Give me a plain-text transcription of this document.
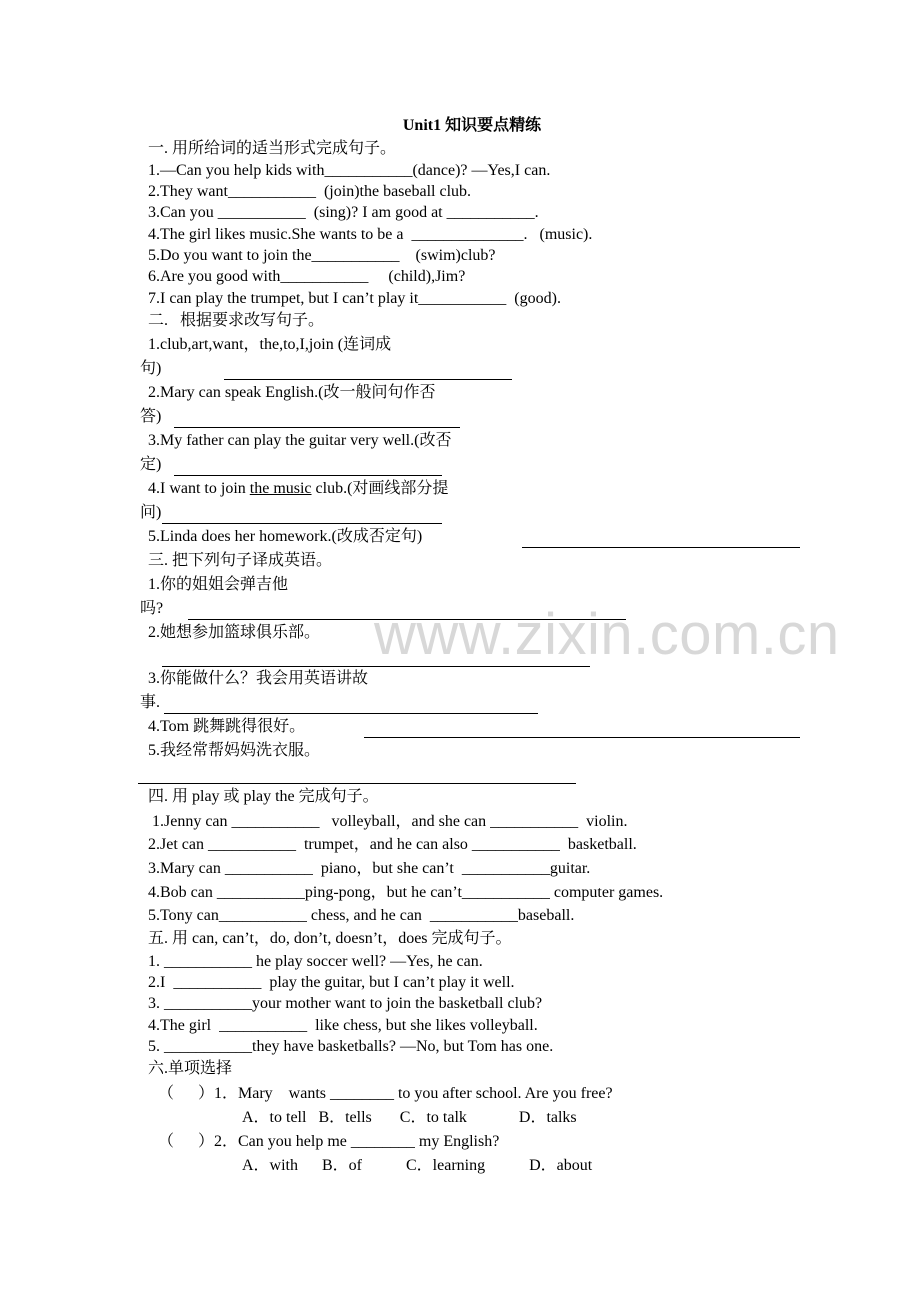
Unit1 知识要点精练
一. 用所给词的适当形式完成句子。
1.—Can you help kids with___________(dance)? —Yes,I can.
2.They want___________  (join)the baseball club.
3.Can you ___________  (sing)? I am good at ___________.
4.The girl likes music.She wants to be a  ______________.   (music).
5.Do you want to join the___________    (swim)club?
6.Are you good with___________     (child),Jim?
7.I can play the trumpet, but I can’t play it___________  (good).
二.   根据要求改写句子。
1.club,art,want，the,to,I,join (连词成
句)
2.Mary can speak English.(改一般问句作否
答)
3.My father can play the guitar very well.(改否
定)
问)
5.Linda does her homework.(改成否定句)
三. 把下列句子译成英语。
1.你的姐姐会弹吉他
吗?
2.她想参加篮球俱乐部。
3.你能做什么？我会用英语讲故
事.
4.Tom 跳舞跳得很好。
5.我经常帮妈妈洗衣服。
四. 用 play 或 play the 完成句子。
1.Jenny can ___________   volleyball，and she can ___________  violin.
2.Jet can ___________  trumpet，and he can also ___________  basketball.
3.Mary can ___________  piano，but she can’t  ___________guitar.
4.Bob can ___________ping-pong，but he can’t___________ computer games.
5.Tony can___________ chess, and he can  ___________baseball.
五. 用 can, can’t，do, don’t, doesn’t，does 完成句子。
1. ___________ he play soccer well? —Yes, he can.
2.I  ___________  play the guitar, but I can’t play it well.
3. ___________your mother want to join the basketball club?
4.The girl  ___________  like chess, but she likes volleyball.
5. ___________they have basketballs? —No, but Tom has one.
六.单项选择
（      ）1．Mary    wants ________ to you after school. Are you free?
A．to tell   B．tells       C．to talk             D．talks
（      ）2．Can you help me ________ my English?
A．with      B．of           C．learning           D．about
4.I want to join the music club.(对画线部分提
www.zixin.com.cn
